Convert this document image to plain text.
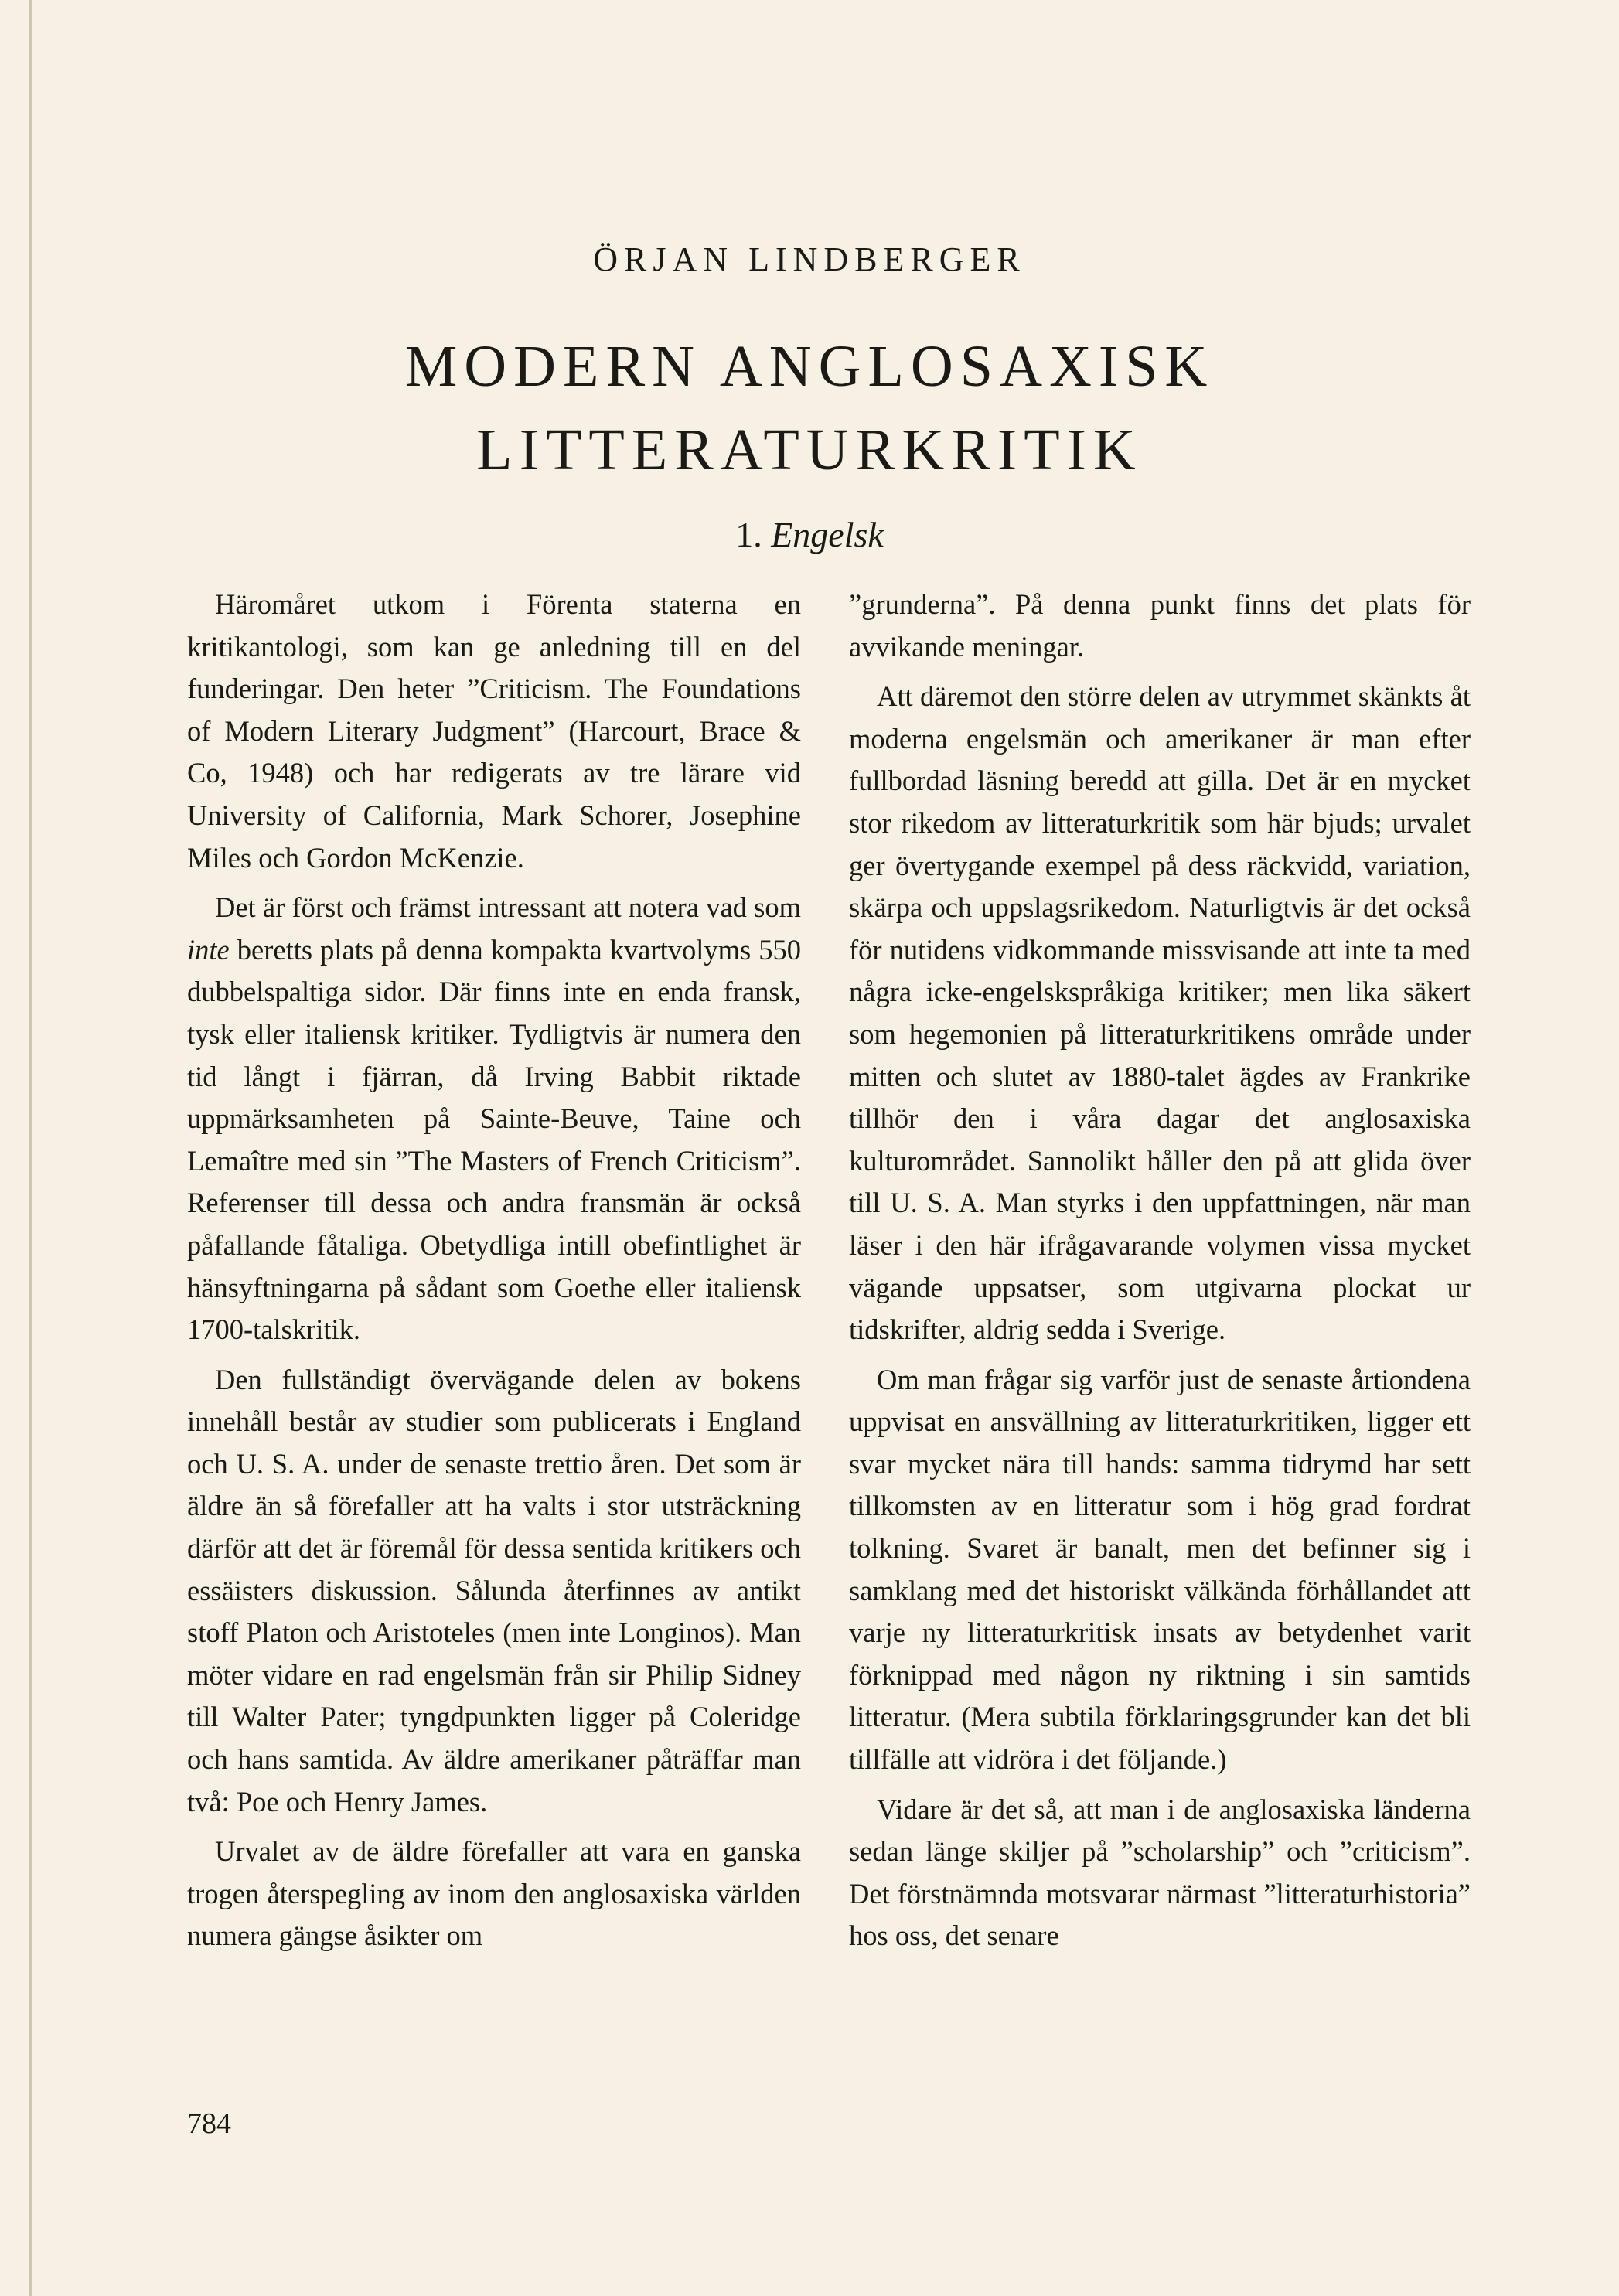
ÖRJAN LINDBERGER
MODERN ANGLOSAXISK
LITTERATURKRITIK
1. Engelsk

Häromåret utkom i Förenta staterna en kritikantologi, som kan ge anledning till en del funderingar. Den heter ”Criticism. The Foundations of Modern Literary Judgment” (Harcourt, Brace & Co, 1948) och har redigerats av tre lärare vid University of California, Mark Schorer, Josephine Miles och Gordon McKenzie.

Det är först och främst intressant att notera vad som inte beretts plats på denna kompakta kvartvolyms 550 dubbelspaltiga sidor. Där finns inte en enda fransk, tysk eller italiensk kritiker. Tydligtvis är numera den tid långt i fjärran, då Irving Babbit riktade uppmärksamheten på Sainte-Beuve, Taine och Lemaître med sin ”The Masters of French Criticism”. Referenser till dessa och andra fransmän är också påfallande fåtaliga. Obetydliga intill obefintlighet är hänsyftningarna på sådant som Goethe eller italiensk 1700-talskritik.

Den fullständigt övervägande delen av bokens innehåll består av studier som publicerats i England och U. S. A. under de senaste trettio åren. Det som är äldre än så förefaller att ha valts i stor utsträckning därför att det är föremål för dessa sentida kritikers och essäisters diskussion. Sålunda återfinnes av antikt stoff Platon och Aristoteles (men inte Longinos). Man möter vidare en rad engelsmän från sir Philip Sidney till Walter Pater; tyngdpunkten ligger på Coleridge och hans samtida. Av äldre amerikaner påträffar man två: Poe och Henry James.

Urvalet av de äldre förefaller att vara en ganska trogen återspegling av inom den anglosaxiska världen numera gängse åsikter om

”grunderna”. På denna punkt finns det plats för avvikande meningar.

Att däremot den större delen av utrymmet skänkts åt moderna engelsmän och amerikaner är man efter fullbordad läsning beredd att gilla. Det är en mycket stor rikedom av litteraturkritik som här bjuds; urvalet ger övertygande exempel på dess räckvidd, variation, skärpa och uppslagsrikedom. Naturligtvis är det också för nutidens vidkommande missvisande att inte ta med några icke-engelskspråkiga kritiker; men lika säkert som hegemonien på litteraturkritikens område under mitten och slutet av 1880-talet ägdes av Frankrike tillhör den i våra dagar det anglosaxiska kulturområdet. Sannolikt håller den på att glida över till U. S. A. Man styrks i den uppfattningen, när man läser i den här ifrågavarande volymen vissa mycket vägande uppsatser, som utgivarna plockat ur tidskrifter, aldrig sedda i Sverige.

Om man frågar sig varför just de senaste årtiondena uppvisat en ansvällning av litteraturkritiken, ligger ett svar mycket nära till hands: samma tidrymd har sett tillkomsten av en litteratur som i hög grad fordrat tolkning. Svaret är banalt, men det befinner sig i samklang med det historiskt välkända förhållandet att varje ny litteraturkritisk insats av betydenhet varit förknippad med någon ny riktning i sin samtids litteratur. (Mera subtila förklaringsgrunder kan det bli tillfälle att vidröra i det följande.)

Vidare är det så, att man i de anglosaxiska länderna sedan länge skiljer på ”scholarship” och ”criticism”. Det förstnämnda motsvarar närmast ”litteraturhistoria” hos oss, det senare

784
